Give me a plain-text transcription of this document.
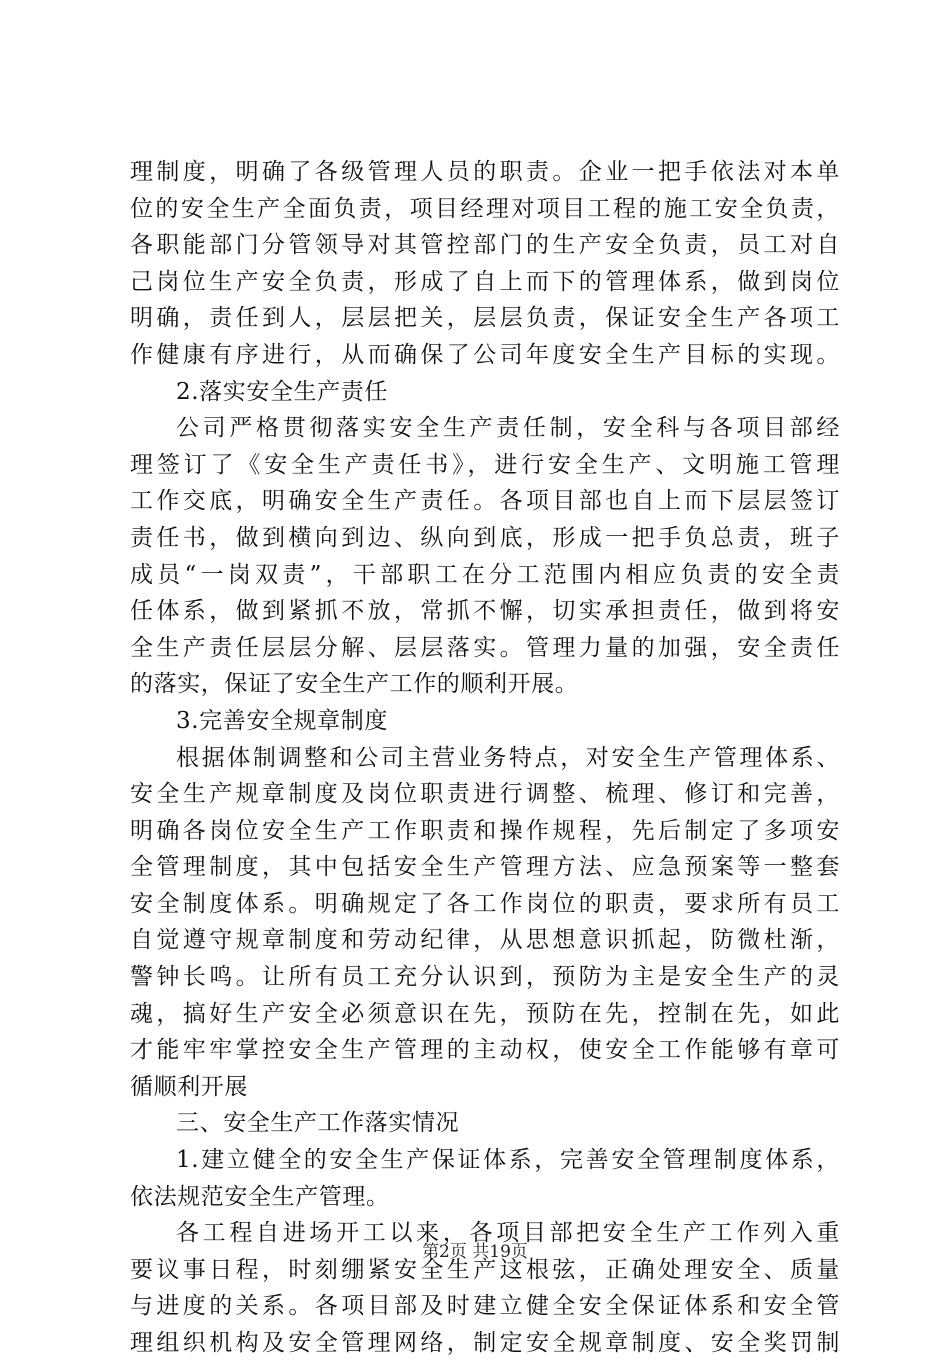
理制度，明确了各级管理人员的职责。企业一把手依法对本单
位的安全生产全面负责，项目经理对项目工程的施工安全负责，
各职能部门分管领导对其管控部门的生产安全负责，员工对自
己岗位生产安全负责，形成了自上而下的管理体系，做到岗位
明确，责任到人，层层把关，层层负责，保证安全生产各项工
作健康有序进行，从而确保了公司年度安全生产目标的实现。
2.落实安全生产责任
公司严格贯彻落实安全生产责任制，安全科与各项目部经
理签订了《安全生产责任书》，进行安全生产、文明施工管理
工作交底，明确安全生产责任。各项目部也自上而下层层签订
责任书，做到横向到边、纵向到底，形成一把手负总责，班子
成员“一岗双责”，干部职工在分工范围内相应负责的安全责
任体系，做到紧抓不放，常抓不懈，切实承担责任，做到将安
全生产责任层层分解、层层落实。管理力量的加强，安全责任
的落实，保证了安全生产工作的顺利开展。
3.完善安全规章制度
根据体制调整和公司主营业务特点，对安全生产管理体系、
安全生产规章制度及岗位职责进行调整、梳理、修订和完善，
明确各岗位安全生产工作职责和操作规程，先后制定了多项安
全管理制度，其中包括安全生产管理方法、应急预案等一整套
安全制度体系。明确规定了各工作岗位的职责，要求所有员工
自觉遵守规章制度和劳动纪律，从思想意识抓起，防微杜渐，
警钟长鸣。让所有员工充分认识到，预防为主是安全生产的灵
魂，搞好生产安全必须意识在先，预防在先，控制在先，如此
才能牢牢掌控安全生产管理的主动权，使安全工作能够有章可
循顺利开展
三、安全生产工作落实情况
1.建立健全的安全生产保证体系，完善安全管理制度体系，
依法规范安全生产管理。
各工程自进场开工以来，各项目部把安全生产工作列入重
要议事日程，时刻绷紧安全生产这根弦，正确处理安全、质量
与进度的关系。各项目部及时建立健全安全保证体系和安全管
理组织机构及安全管理网络，制定安全规章制度、安全奖罚制
第2页 共19页
